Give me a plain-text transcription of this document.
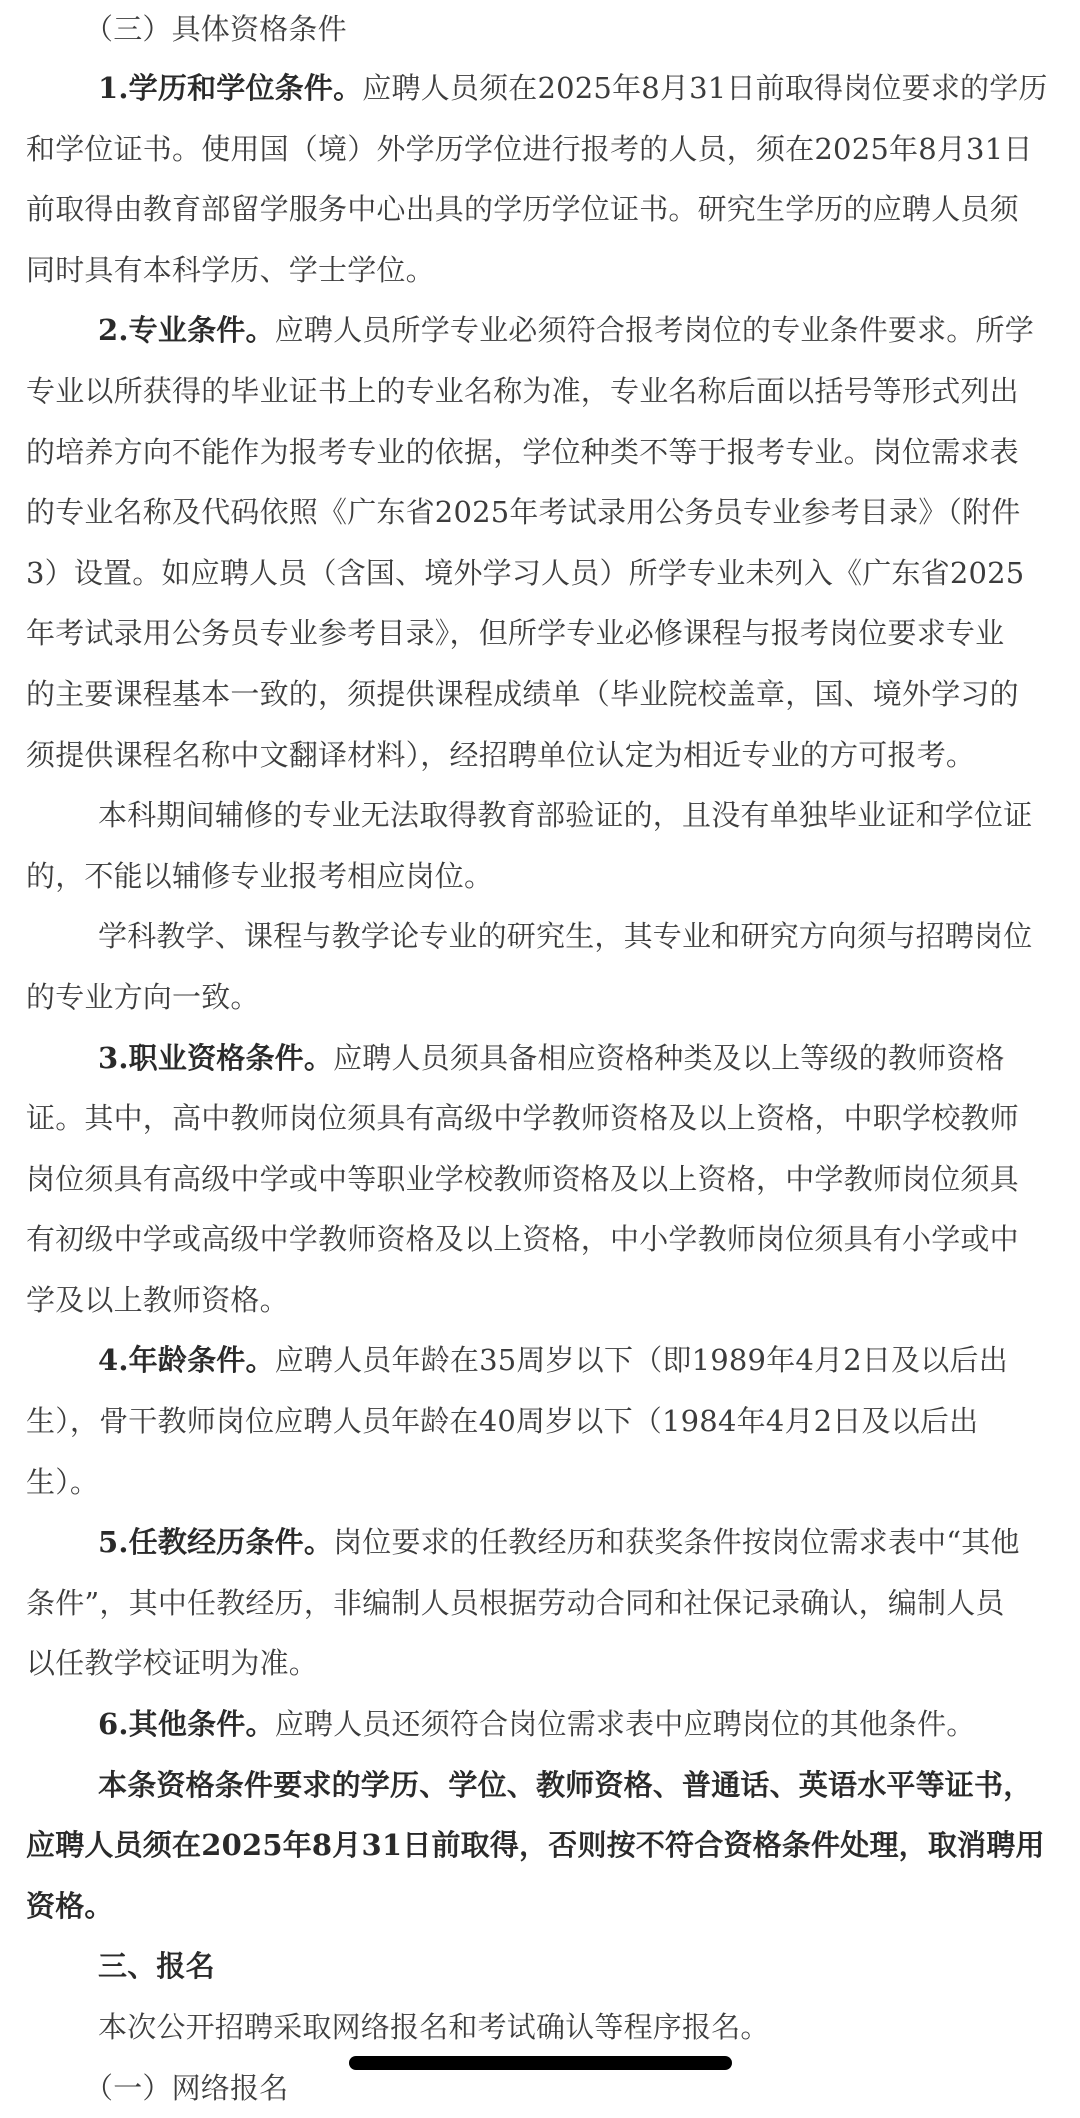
（三）具体资格条件
1.学历和学位条件。应聘人员须在2025年8月31日前取得岗位要求的学历
和学位证书。使用国（境）外学历学位进行报考的人员，须在2025年8月31日
前取得由教育部留学服务中心出具的学历学位证书。研究生学历的应聘人员须
同时具有本科学历、学士学位。
2.专业条件。应聘人员所学专业必须符合报考岗位的专业条件要求。所学
专业以所获得的毕业证书上的专业名称为准，专业名称后面以括号等形式列出
的培养方向不能作为报考专业的依据，学位种类不等于报考专业。岗位需求表
的专业名称及代码依照《广东省2025年考试录用公务员专业参考目录》（附件
3）设置。如应聘人员（含国、境外学习人员）所学专业未列入《广东省2025
年考试录用公务员专业参考目录》，但所学专业必修课程与报考岗位要求专业
的主要课程基本一致的，须提供课程成绩单（毕业院校盖章，国、境外学习的
须提供课程名称中文翻译材料），经招聘单位认定为相近专业的方可报考。
本科期间辅修的专业无法取得教育部验证的，且没有单独毕业证和学位证
的，不能以辅修专业报考相应岗位。
学科教学、课程与教学论专业的研究生，其专业和研究方向须与招聘岗位
的专业方向一致。
3.职业资格条件。应聘人员须具备相应资格种类及以上等级的教师资格
证。其中，高中教师岗位须具有高级中学教师资格及以上资格，中职学校教师
岗位须具有高级中学或中等职业学校教师资格及以上资格，中学教师岗位须具
有初级中学或高级中学教师资格及以上资格，中小学教师岗位须具有小学或中
学及以上教师资格。
4.年龄条件。应聘人员年龄在35周岁以下（即1989年4月2日及以后出
生），骨干教师岗位应聘人员年龄在40周岁以下（1984年4月2日及以后出
生）。
5.任教经历条件。岗位要求的任教经历和获奖条件按岗位需求表中“其他
条件”，其中任教经历，非编制人员根据劳动合同和社保记录确认，编制人员
以任教学校证明为准。
6.其他条件。应聘人员还须符合岗位需求表中应聘岗位的其他条件。
本条资格条件要求的学历、学位、教师资格、普通话、英语水平等证书，
应聘人员须在2025年8月31日前取得，否则按不符合资格条件处理，取消聘用
资格。
三、报名
本次公开招聘采取网络报名和考试确认等程序报名。
（一）网络报名
